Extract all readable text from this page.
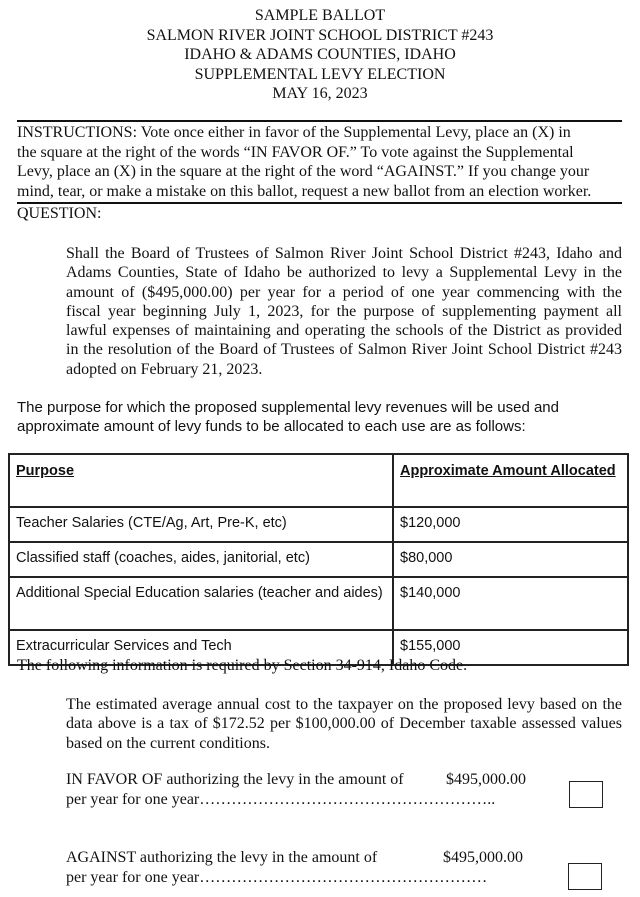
SAMPLE BALLOT
SALMON RIVER JOINT SCHOOL DISTRICT #243
IDAHO & ADAMS COUNTIES, IDAHO
SUPPLEMENTAL LEVY ELECTION
MAY 16, 2023
INSTRUCTIONS: Vote once either in favor of the Supplemental Levy, place an (X) in
the square at the right of the words “IN FAVOR OF.” To vote against the Supplemental
Levy, place an (X) in the square at the right of the word “AGAINST.” If you change your
mind, tear, or make a mistake on this ballot, request a new ballot from an election worker.
QUESTION:
Shall the Board of Trustees of Salmon River Joint School District #243, Idaho and
Adams Counties, State of Idaho be authorized to levy a Supplemental Levy in the
amount of ($495,000.00) per year for a period of one year commencing with the
fiscal year beginning July 1, 2023, for the purpose of supplementing payment all
lawful expenses of maintaining and operating the schools of the District as provided
in the resolution of the Board of Trustees of Salmon River Joint School District #243
adopted on February 21, 2023.
The purpose for which the proposed supplemental levy revenues will be used and
approximate amount of levy funds to be allocated to each use are as follows:
Purpose	Approximate Amount Allocated
Teacher Salaries (CTE/Ag, Art, Pre-K, etc)	$120,000
Classified staff (coaches, aides, janitorial, etc)	$80,000
Additional Special Education salaries (teacher and aides)	$140,000
Extracurricular Services and Tech	$155,000
The following information is required by Section 34-914, Idaho Code.
The estimated average annual cost to the taxpayer on the proposed levy based on the
data above is a tax of $172.52 per $100,000.00 of December taxable assessed values
based on the current conditions.
IN FAVOR OF authorizing the levy in the amount of	$495,000.00
per year for one year………………………………………………..
AGAINST authorizing the levy in the amount of	$495,000.00
per year for one year………………………………………………
